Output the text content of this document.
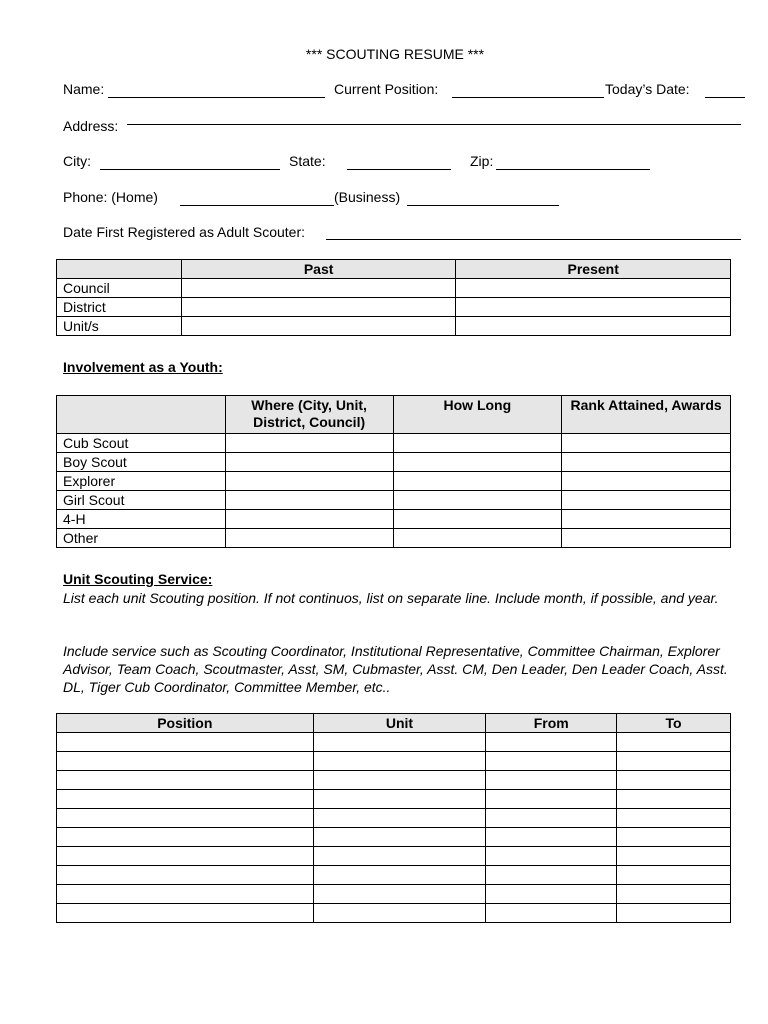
*** SCOUTING RESUME ***
Name:	Current Position:	Today’s Date:
Address:
City:	State:	Zip:
Phone: (Home)	(Business)
Date First Registered as Adult Scouter:
	Past	Present
Council		
District		
Unit/s		
Involvement as a Youth:
	Where (City, Unit, District, Council)	How Long	Rank Attained, Awards
Cub Scout			
Boy Scout			
Explorer			
Girl Scout			
4-H			
Other			
Unit Scouting Service:
List each unit Scouting position. If not continuos, list on separate line. Include month, if possible, and year.
Include service such as Scouting Coordinator, Institutional Representative, Committee Chairman, Explorer Advisor, Team Coach, Scoutmaster, Asst, SM, Cubmaster, Asst. CM, Den Leader, Den Leader Coach, Asst. DL, Tiger Cub Coordinator, Committee Member, etc..
Position	Unit	From	To
